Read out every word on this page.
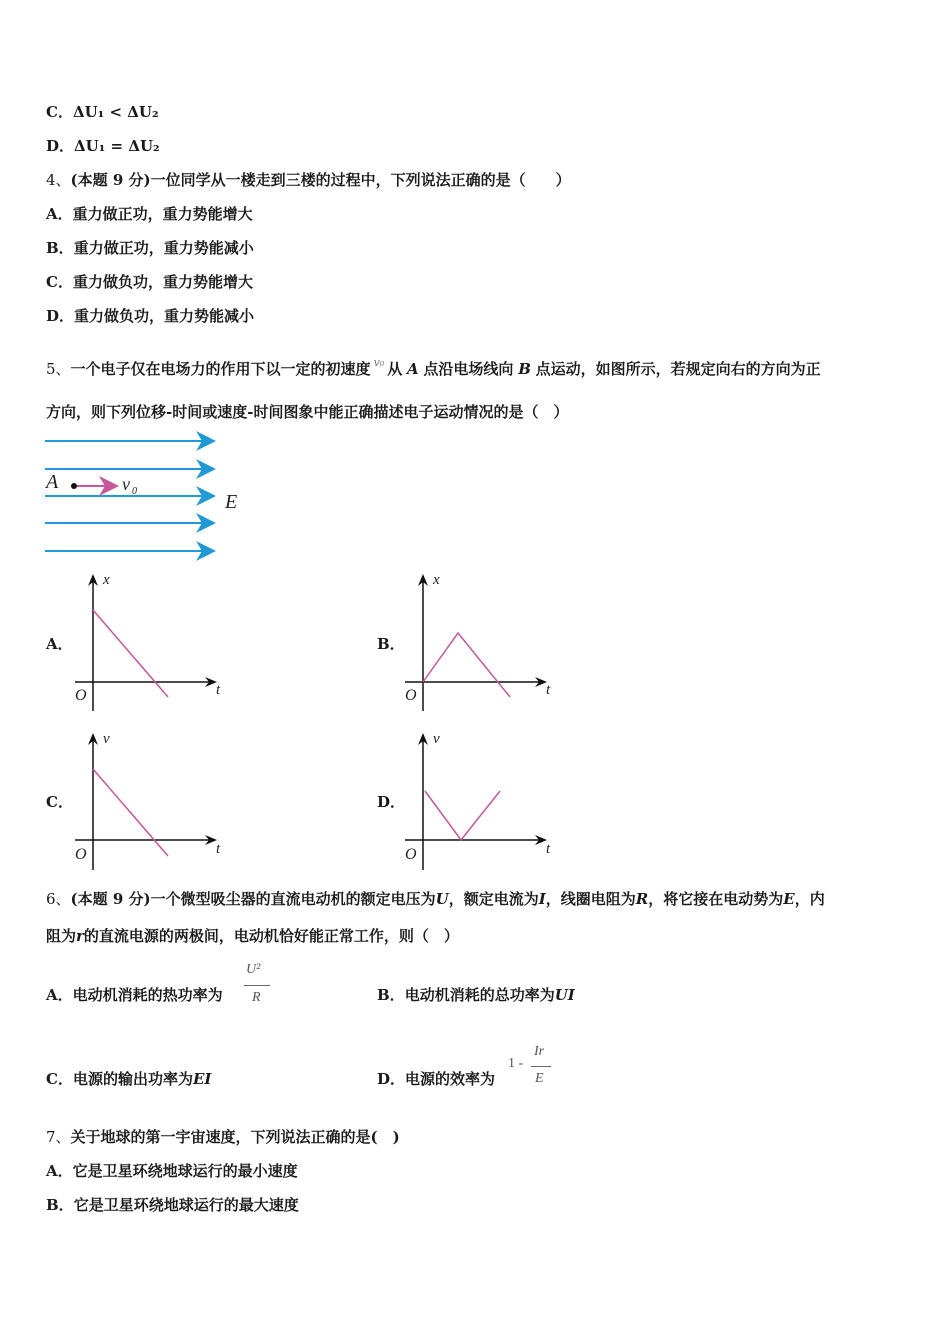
C．ΔU₁ < ΔU₂
D．ΔU₁ = ΔU₂
4、(本题 9 分)一位同学从一楼走到三楼的过程中，下列说法正确的是（　　）
A．重力做正功，重力势能增大
B．重力做正功，重力势能减小
C．重力做负功，重力势能增大
D．重力做负功，重力势能减小
5、一个电子仅在电场力的作用下以一定的初速度 $^{v_0}$ 从 A 点沿电场线向 B 点运动，如图所示，若规定向右的方向为正
方向，则下列位移-时间或速度-时间图象中能正确描述电子运动情况的是（　）
A	v 0	E
A．
x
t
O
B．
x
t
O
C．
v
t
O
D．
v
t
O
6、(本题 9 分)一个微型吸尘器的直流电动机的额定电压为U，额定电流为I，线圈电阻为R，将它接在电动势为E，内
阻为r的直流电源的两极间，电动机恰好能正常工作，则（　）
A．电动机消耗的热功率为
U²
R	B．电动机消耗的总功率为UI
C．电源的输出功率为EI	D．电源的效率为
1 -
Ir
E
7、关于地球的第一宇宙速度，下列说法正确的是(　)
A．它是卫星环绕地球运行的最小速度
B．它是卫星环绕地球运行的最大速度
